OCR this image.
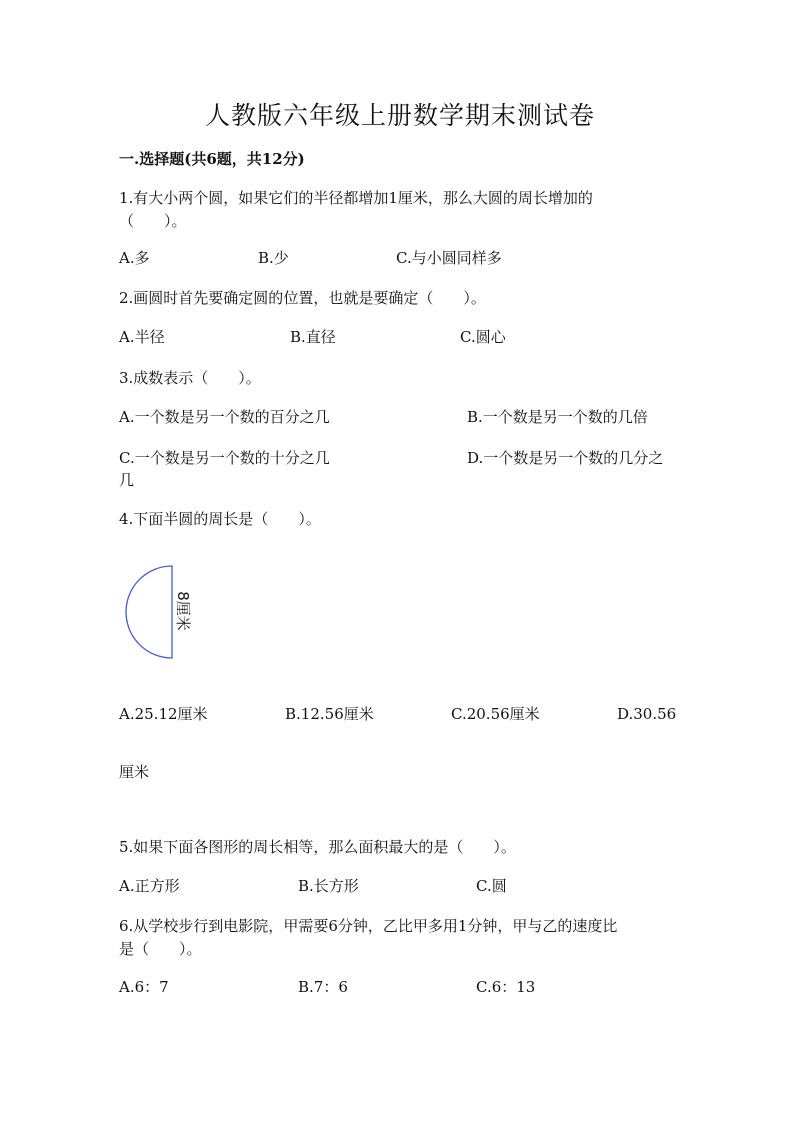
人教版六年级上册数学期末测试卷
一.选择题(共6题，共12分)
1.有大小两个圆，如果它们的半径都增加1厘米，那么大圆的周长增加的
（　　）。
A.多	B.少	C.与小圆同样多
2.画圆时首先要确定圆的位置，也就是要确定（　　）。
A.半径	B.直径	C.圆心
3.成数表示（　　）。
A.一个数是另一个数的百分之几	B.一个数是另一个数的几倍
C.一个数是另一个数的十分之几	D.一个数是另一个数的几分之
几
4.下面半圆的周长是（　　）。
8厘米
A.25.12厘米	B.12.56厘米	C.20.56厘米	D.30.56
厘米
5.如果下面各图形的周长相等，那么面积最大的是（　　）。
A.正方形	B.长方形	C.圆
6.从学校步行到电影院，甲需要6分钟，乙比甲多用1分钟，甲与乙的速度比
是（　　）。
A.6：7	B.7：6	C.6：13
